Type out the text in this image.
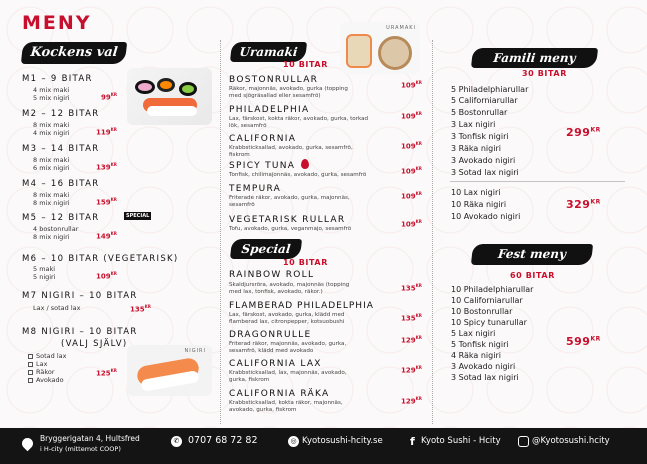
MENY
Kockens val
M1 – 9 BITAR
4 mix maki
5 mix nigiri	$99^{KR}$
M2 – 12 BITAR
8 mix maki
4 mix nigiri	$119^{KR}$
M3 – 14 BITAR
8 mix maki
6 mix nigiri	$139^{KR}$
M4 – 16 BITAR
8 mix maki
8 mix nigiri	$159^{KR}$
M5 – 12 BITAR	SPECIAL
4 bostonrullar
8 mix nigiri	$149^{KR}$
M6 – 10 BITAR (VEGETARISK)
5 maki
5 nigiri	$109^{KR}$
M7 NIGIRI – 10 BITAR
Lax / sotad lax	$135^{KR}$
M8 NIGIRI – 10 BITAR
(VALJ SJÄLV)
Sotad lax
Lax
Räkor
Avokado
$125^{KR}$
NIGIRI
Uramaki
10 BITAR
URAMAKI
BOSTONRULLAR
Räkor, majonnäs, avokado, gurka (topping
med sjögräsallad eller sesamfrö)
$109^{KR}$
PHILADELPHIA
Lax, färskost, kokta räkor, avokado, gurka, torkad
lök, sesamfrö
$109^{KR}$
CALIFORNIA
Krabbsticksallad, avokado, gurka, sesamfrö,
fiskrom
$109^{KR}$
SPICY TUNA
Tonfisk, chilimajonnäs, avokado, gurka, sesamfrö	$109^{KR}$
TEMPURA
Friterade räkor, avokado, gurka, majonnäs,
sesamfrö
$109^{KR}$
VEGETARISK RULLAR
Tofu, avokado, gurka, veganmajo, sesamfrö
$109^{KR}$
Special
10 BITAR
RAINBOW ROLL
Skaldjursröra, avokado, majonnäs (topping
med lax, tonfisk, avokado, räkor.)	$135^{KR}$
FLAMBERAD PHILADELPHIA
Lax, färskost, avokado, gurka, klädd med
flamberad lax, citronpepper, kotsuobushi	$135^{KR}$
DRAGONRULLE
Friterad räkor, majonnäs, avokado, gurka,
sesamfrö, klädd med avokado
$129^{KR}$
CALIFORNIA LAX
Krabbsticksallad, lax, majonnäs, avokado,
gurka, fiskrom
$129^{KR}$
CALIFORNIA RÄKA
Krabbsticksallad, kokta räkor, majonnäs,
avokado, gurka, fiskrom
$129^{KR}$
Famili meny
30 BITAR
5 Philadelphiarullar
5 Californiarullar
5 Bostonrullar
3 Lax nigiri
3 Tonfisk nigiri
3 Räka nigiri
3 Avokado nigiri
3 Sotad lax nigiri
$299^{KR}$
10 Lax nigiri
10 Räka nigiri
10 Avokado nigiri
$329^{KR}$
Fest meny
60 BITAR
10 Philadelphiarullar
10 Californiarullar
10 Bostonrullar
10 Spicy tunarullar
5 Lax nigiri
5 Tonfisk nigiri
4 Räka nigiri
3 Avokado nigiri
3 Sotad lax nigiri
$599^{KR}$
Bryggerigatan 4, Hultsfred
i H-city (mittemot COOP)
✆ 0707 68 72 82	◎ Kyotosushi-hcity.se f Kyoto Sushi - Hcity	@Kyotosushi.hcity
